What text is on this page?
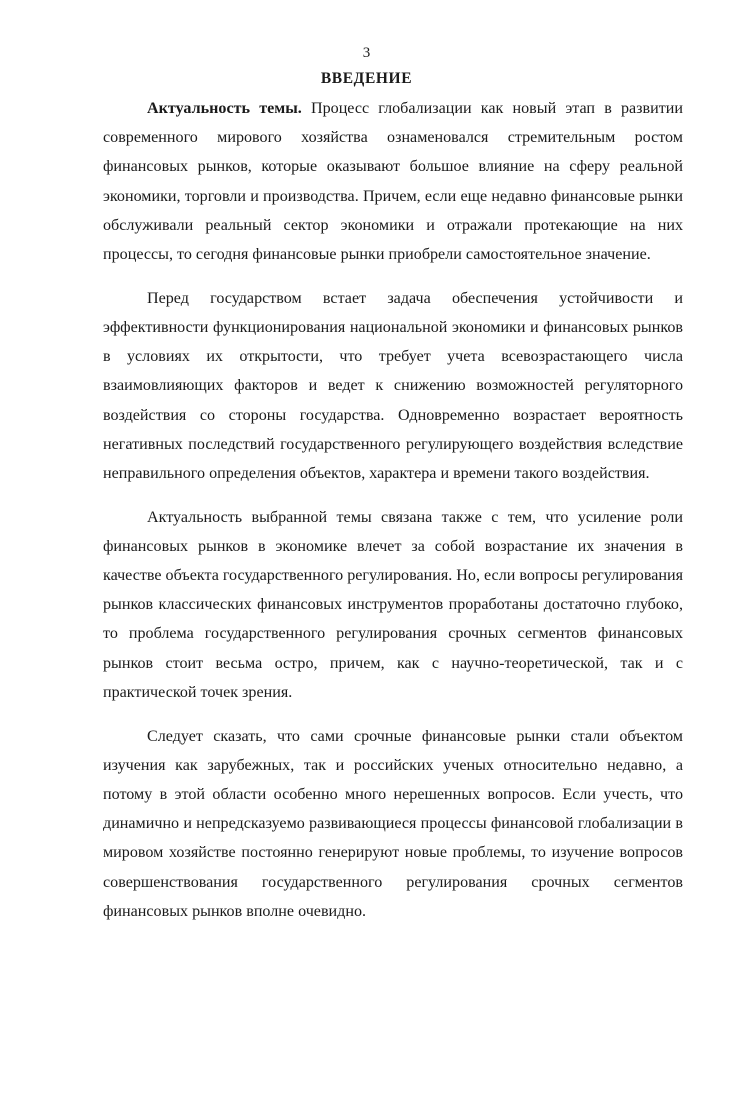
3
ВВЕДЕНИЕ

Актуальность темы. Процесс глобализации как новый этап в развитии современного мирового хозяйства ознаменовался стремительным ростом финансовых рынков, которые оказывают большое влияние на сферу реальной экономики, торговли и производства. Причем, если еще недавно финансовые рынки обслуживали реальный сектор экономики и отражали протекающие на них процессы, то сегодня финансовые рынки приобрели самостоятельное значение.

Перед государством встает задача обеспечения устойчивости и эффективности функционирования национальной экономики и финансовых рынков в условиях их открытости, что требует учета всевозрастающего числа взаимовлияющих факторов и ведет к снижению возможностей регуляторного воздействия со стороны государства. Одновременно возрастает вероятность негативных последствий государственного регулирующего воздействия вследствие неправильного определения объектов, характера и времени такого воздействия.

Актуальность выбранной темы связана также с тем, что усиление роли финансовых рынков в экономике влечет за собой возрастание их значения в качестве объекта государственного регулирования. Но, если вопросы регулирования рынков классических финансовых инструментов проработаны достаточно глубоко, то проблема государственного регулирования срочных сегментов финансовых рынков стоит весьма остро, причем, как с научно-теоретической, так и с практической точек зрения.

Следует сказать, что сами срочные финансовые рынки стали объектом изучения как зарубежных, так и российских ученых относительно недавно, а потому в этой области особенно много нерешенных вопросов. Если учесть, что динамично и непредсказуемо развивающиеся процессы финансовой глобализации в мировом хозяйстве постоянно генерируют новые проблемы, то изучение вопросов совершенствования государственного регулирования срочных сегментов финансовых рынков вполне очевидно.
